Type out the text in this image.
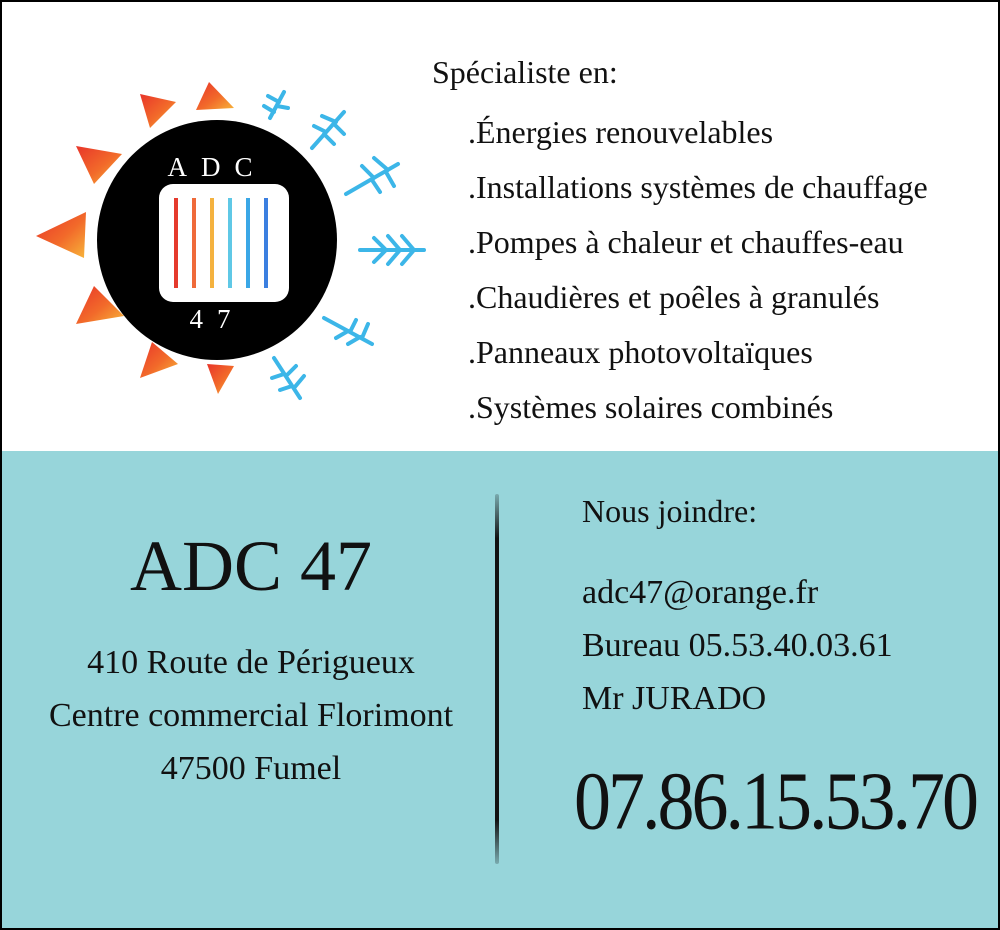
ADC
47
Spécialiste en:
.Énergies renouvelables
.Installations systèmes de chauffage
.Pompes à chaleur et chauffes-eau
.Chaudières et poêles à granulés
.Panneaux photovoltaïques
.Systèmes solaires combinés
ADC 47
410 Route de Périgueux
Centre commercial Florimont
47500 Fumel
Nous joindre:
adc47@orange.fr
Bureau 05.53.40.03.61
Mr JURADO
07.86.15.53.70
